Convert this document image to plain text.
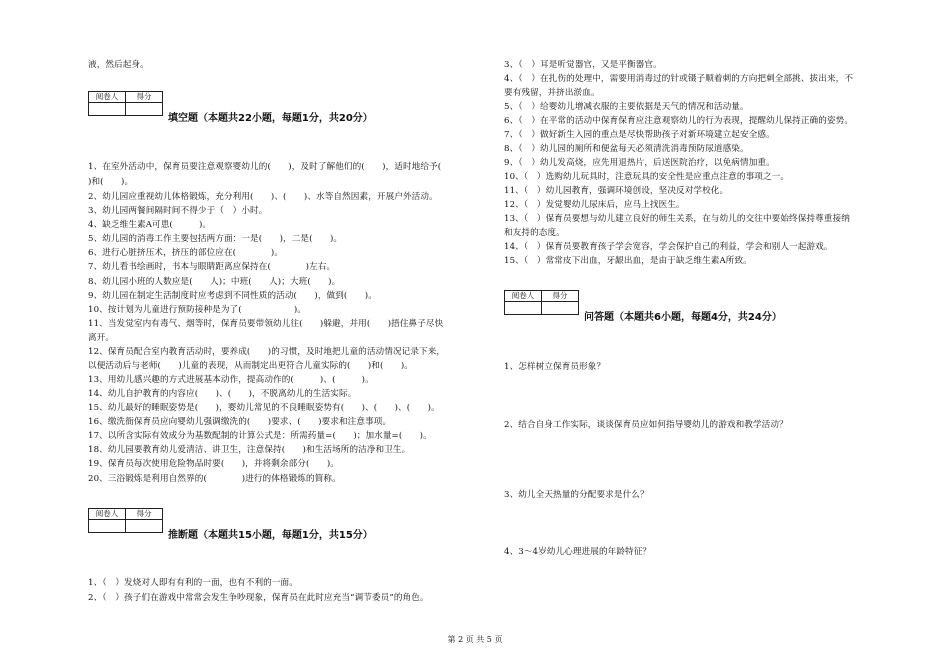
液，然后起身。
阅卷人	得分

填空题（本题共22小题，每题1分，共20分）
1、在室外活动中，保育员要注意观察婴幼儿的(　　)，及时了解他们的(　　)，适时地给予(
)和(　　)。
2、幼儿园应重视幼儿体格锻炼，充分利用(　　)、(　　)、水等自然因素，开展户外活动。
3、幼儿园两餐间隔时间不得少于（　）小时。
4、缺乏维生素A可患(　　　)。
5、幼儿园的消毒工作主要包括两方面：一是(　　)，二是(　　)。
6、进行心脏挤压术，挤压的部位应在(　　　　)。
7、幼儿看书绘画时，书本与眼睛距离应保持在(　　　　)左右。
8、幼儿园小班的人数应是(　　人)；中班(　　人)；大班(　　)。
9、幼儿园在制定生活制度时应考虑到不同性质的活动(　　)，做到(　　)。
10、按计划为儿童进行预防接种是为了(　　　　　　)。
11、当发觉室内有毒气、烟等时，保育员要带领幼儿往(　　)躲避，并用(　　)捂住鼻子尽快
离开。
12、保育员配合室内教育活动时，要养成(　　)的习惯，及时地把儿童的活动情况记录下来，
以便活动后与老师(　　)儿童的表现，从而制定出更符合儿童实际的(　　)和(　　)。
13、用幼儿感兴趣的方式进展基本动作，提高动作的(　　　)、(　　　)。
14、幼儿自护教育的内容应(　　)、(　　)，不脱离幼儿的生活实际。
15、幼儿最好的睡眠姿势是(　　)，婴幼儿常见的不良睡眠姿势有(　　)、(　　)、(　　)。
16、缴洗衙保育员应向婴幼儿强调缴洗的(　　)要求、(　　)要求和注意事项。
17、以所含实际有效成分为基数配制的计算公式是：所需药量=(　　)；加水量=(　　)。
18、幼儿园要教育幼儿爱清洁、讲卫生，注意保持(　　)和生活场所的洁净和卫生。
19、保育员每次使用危险物品时要(　　)，并将剩余部分(　　)。
20、三浴锻炼是利用自然界的(　　　　)进行的体格锻炼的简称。
阅卷人	得分

推断题（本题共15小题，每题1分，共15分）
1、（　）发烧对人即有有利的一面，也有不利的一面。
2、（　）孩子们在游戏中常常会发生争吵现象，保育员在此时应充当“调节委员”的角色。
3、（　）耳是听觉器官，又是平衡器官。
4、（　）在扎伤的处理中，需要用消毒过的针或镊子顺着刺的方向把刺全部挑、拔出来，不
要有残留，并挤出淤血。
5、（　）给婴幼儿增减衣服的主要依据是天气的情况和活动量。
6、（　）在平常的活动中保育保育应注意观察幼儿的行为表现，提醒幼儿保持正确的姿势。
7、（　）做好新生入园的重点是尽快帮助孩子对新环境建立起安全感。
8、（　）幼儿园的厕所和便盆每天必须清洗消毒预防尿道感染。
9、（　）幼儿发高烧，应先用退热片，后送医院治疗，以免病情加重。
10、（　）选购幼儿玩具时，注意玩具的安全性是应重点注意的事项之一。
11、（　）幼儿园教育，强调环境创设，坚决反对学校化。
12、（　）发觉婴幼儿尿床后，应马上找医生。
13、（　）保育员要想与幼儿建立良好的师生关系，在与幼儿的交往中要始终保持尊重接纳
和友持的态度。
14、（　）保育员要教育孩子学会宽容，学会保护自己的利益，学会和别人一起游戏。
15、（　）常常皮下出血，牙龈出血，是由于缺乏维生素A所致。
阅卷人	得分

问答题（本题共6小题，每题4分，共24分）
1、怎样树立保育员形象？
2、结合自身工作实际，谈谈保育员应如何指导婴幼儿的游戏和教学活动？
3、幼儿全天热量的分配要求是什么？
4、3～4岁幼儿心理进展的年龄特征？
第 2 页 共 5 页
